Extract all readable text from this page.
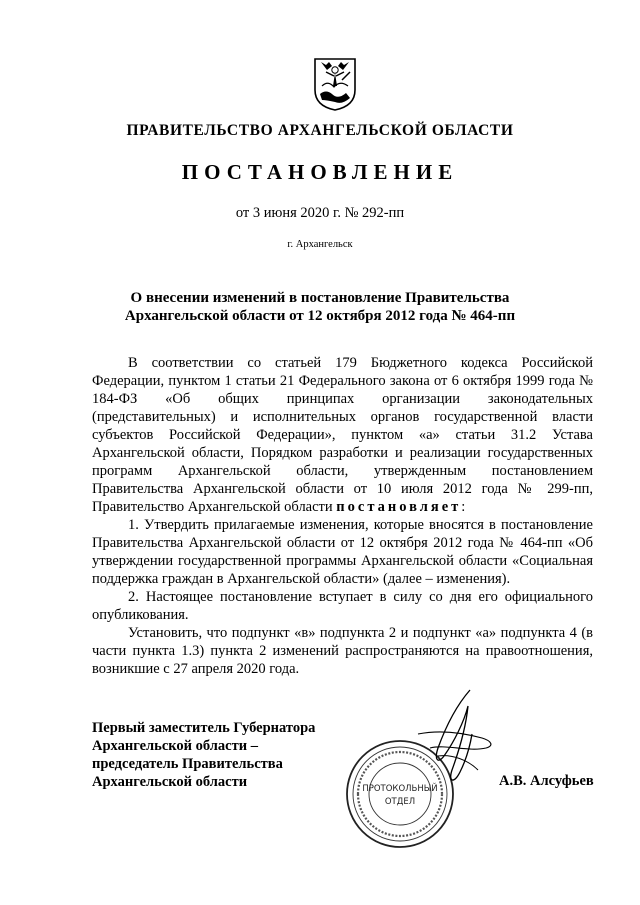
ПРАВИТЕЛЬСТВО АРХАНГЕЛЬСКОЙ ОБЛАСТИ
ПОСТАНОВЛЕНИЕ
от 3 июня 2020 г. № 292-пп
г. Архангельск
О внесении изменений в постановление Правительства
Архангельской области от 12 октября 2012 года № 464-пп

В соответствии со статьей 179 Бюджетного кодекса Российской Федерации, пунктом 1 статьи 21 Федерального закона от 6 октября 1999 года № 184-ФЗ «Об общих принципах организации законодательных (представительных) и исполнительных органов государственной власти субъектов Российской Федерации», пунктом «а» статьи 31.2 Устава Архангельской области, Порядком разработки и реализации государственных программ Архангельской области, утвержденным постановлением Правительства Архангельской области от 10 июля 2012 года № 299-пп, Правительство Архангельской области постановляет:

1. Утвердить прилагаемые изменения, которые вносятся в постановление Правительства Архангельской области от 12 октября 2012 года № 464-пп «Об утверждении государственной программы Архангельской области «Социальная поддержка граждан в Архангельской области» (далее – изменения).

2. Настоящее постановление вступает в силу со дня его официального опубликования.

Установить, что подпункт «в» подпункта 2 и подпункт «а» подпункта 4 (в части пункта 1.3) пункта 2 изменений распространяются на правоотношения, возникшие с 27 апреля 2020 года.

Первый заместитель Губернатора
Архангельской области –
председатель Правительства
Архангельской области	А.В. Алсуфьев
ПРОТОКОЛЬНЫЙ
ОТДЕЛ
